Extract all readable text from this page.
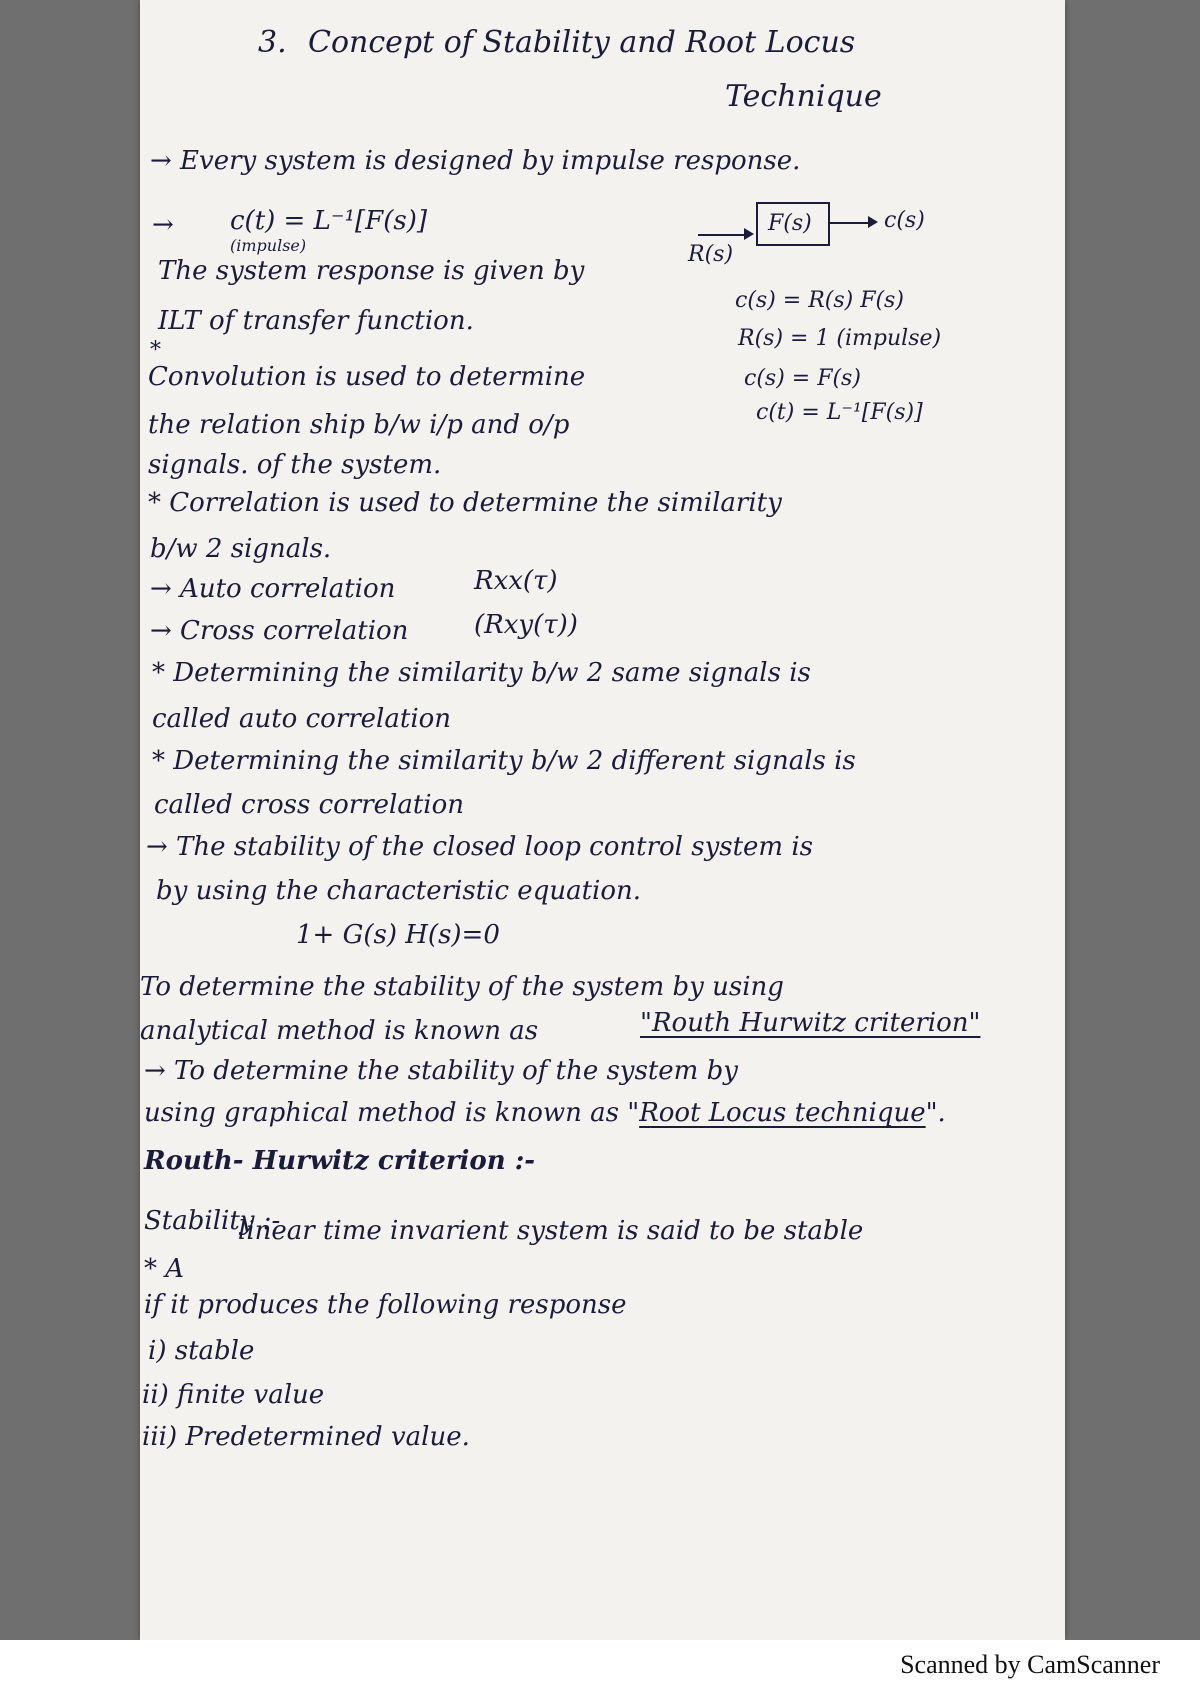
3. Concept of Stability and Root Locus
Technique
→ Every system is designed by impulse response.
→ c(t) = L⁻¹[F(s)]
(impulse)	R(s)
F(s)	c(s)
The system response is given by
ILT of transfer function.
c(s) = R(s) F(s)
R(s) = 1 (impulse)
c(s) = F(s)
c(t) = L⁻¹[F(s)]
*
Convolution is used to determine
the relation ship b/w i/p and o/p
signals. of the system.
* Correlation is used to determine the similarity
b/w 2 signals.
→ Auto correlation	Rxx(τ)
→ Cross correlation	(Rxy(τ))
* Determining the similarity b/w 2 same signals is
called auto correlation
* Determining the similarity b/w 2 different signals is
called cross correlation
→ The stability of the closed loop control system is
by using the characteristic equation.
1+ G(s) H(s)=0
To determine the stability of the system by using
analytical method is known as	"Routh Hurwitz criterion"
→ To determine the stability of the system by
using graphical method is known as "Root Locus technique".
Routh- Hurwitz criterion :-
Stability :-
linear time invarient system is said to be stable
* A
if it produces the following response
i) stable
ii) finite value
iii) Predetermined value.
Scanned by CamScanner
